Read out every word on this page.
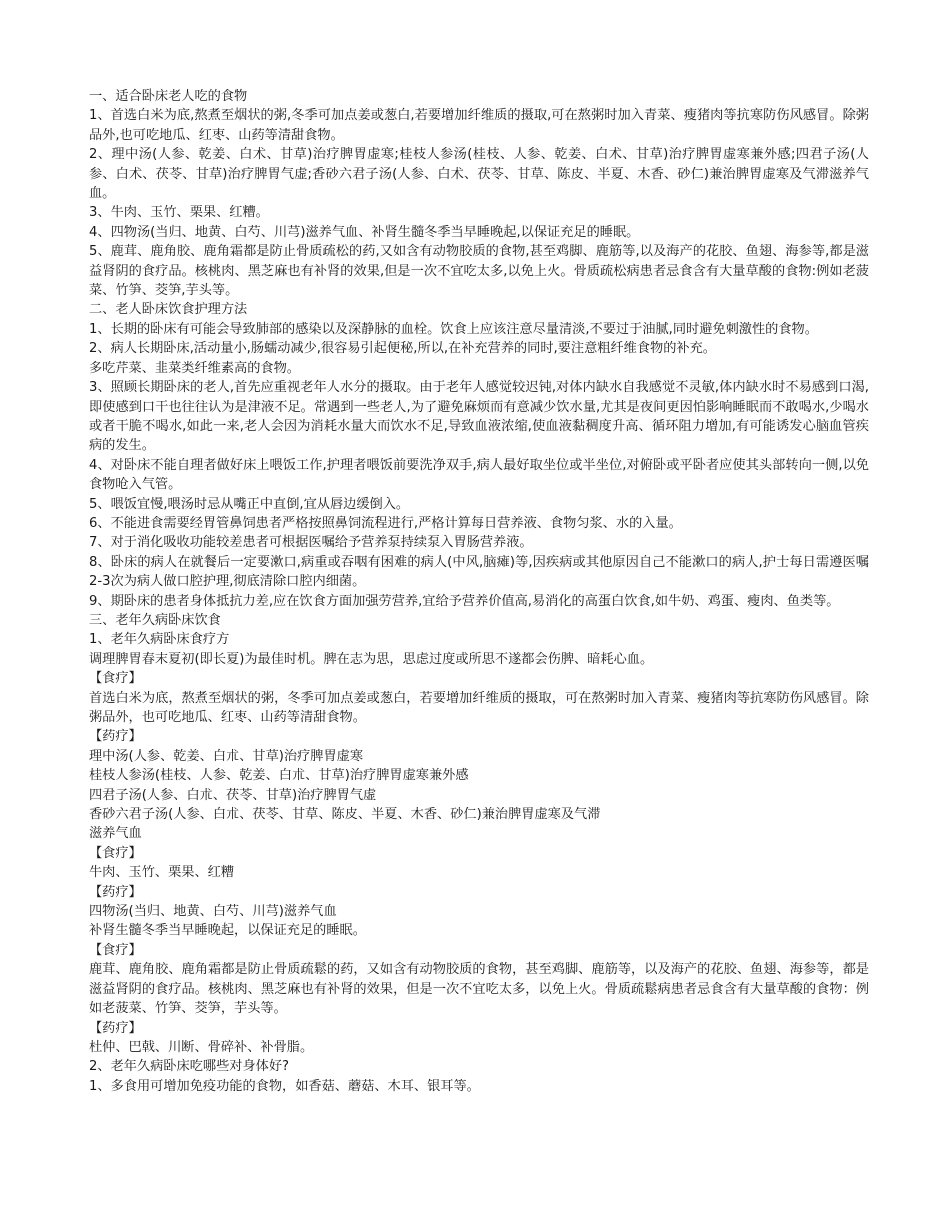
一、适合卧床老人吃的食物

1、首选白米为底,熬煮至烟状的粥,冬季可加点姜或葱白,若要增加纤维质的摄取,可在熬粥时加入青菜、瘦猪肉等抗寒防伤风感冒。除粥品外,也可吃地瓜、红枣、山药等清甜食物。

2、理中汤(人参、乾姜、白术、甘草)治疗脾胃虚寒;桂枝人参汤(桂枝、人参、乾姜、白术、甘草)治疗脾胃虚寒兼外感;四君子汤(人参、白术、茯苓、甘草)治疗脾胃气虚;香砂六君子汤(人参、白术、茯苓、甘草、陈皮、半夏、木香、砂仁)兼治脾胃虚寒及气滞滋养气血。

3、牛肉、玉竹、栗果、红糟。

4、四物汤(当归、地黄、白芍、川芎)滋养气血、补肾生髓冬季当早睡晚起,以保证充足的睡眠。

5、鹿茸、鹿角胶、鹿角霜都是防止骨质疏松的药,又如含有动物胶质的食物,甚至鸡脚、鹿筋等,以及海产的花胶、鱼翅、海参等,都是滋益肾阴的食疗品。核桃肉、黑芝麻也有补肾的效果,但是一次不宜吃太多,以免上火。骨质疏松病患者忌食含有大量草酸的食物:例如老菠菜、竹笋、茭笋,芋头等。

二、老人卧床饮食护理方法

1、长期的卧床有可能会导致肺部的感染以及深静脉的血栓。饮食上应该注意尽量清淡,不要过于油腻,同时避免刺激性的食物。

2、病人长期卧床,活动量小,肠蠕动减少,很容易引起便秘,所以,在补充营养的同时,要注意粗纤维食物的补充。

多吃芹菜、韭菜类纤维素高的食物。

3、照顾长期卧床的老人,首先应重视老年人水分的摄取。由于老年人感觉较迟钝,对体内缺水自我感觉不灵敏,体内缺水时不易感到口渴,即使感到口干也往往认为是津液不足。常遇到一些老人,为了避免麻烦而有意减少饮水量,尤其是夜间更因怕影响睡眠而不敢喝水,少喝水或者干脆不喝水,如此一来,老人会因为消耗水量大而饮水不足,导致血液浓缩,使血液黏稠度升高、循环阻力增加,有可能诱发心脑血管疾病的发生。

4、对卧床不能自理者做好床上喂饭工作,护理者喂饭前要洗净双手,病人最好取坐位或半坐位,对俯卧或平卧者应使其头部转向一侧,以免食物呛入气管。

5、喂饭宜慢,喂汤时忌从嘴正中直倒,宜从唇边缓倒入。

6、不能进食需要经胃管鼻饲患者严格按照鼻饲流程进行,严格计算每日营养液、食物匀浆、水的入量。

7、对于消化吸收功能较差患者可根据医嘱给予营养泵持续泵入胃肠营养液。

8、卧床的病人在就餐后一定要漱口,病重或吞咽有困难的病人(中风,脑瘫)等,因疾病或其他原因自己不能漱口的病人,护士每日需遵医嘱2-3次为病人做口腔护理,彻底清除口腔内细菌。

9、期卧床的患者身体抵抗力差,应在饮食方面加强劳营养,宜给予营养价值高,易消化的高蛋白饮食,如牛奶、鸡蛋、瘦肉、鱼类等。

三、老年久病卧床饮食

1、老年久病卧床食疗方

调理脾胃春末夏初(即长夏)为最佳时机。脾在志为思，思虑过度或所思不遂都会伤脾、暗耗心血。

【食疗】

首选白米为底，熬煮至烟状的粥，冬季可加点姜或葱白，若要增加纤维质的摄取，可在熬粥时加入青菜、瘦猪肉等抗寒防伤风感冒。除粥品外，也可吃地瓜、红枣、山药等清甜食物。

【药疗】

理中汤(人参、乾姜、白朮、甘草)治疗脾胃虚寒

桂枝人参汤(桂枝、人参、乾姜、白朮、甘草)治疗脾胃虚寒兼外感

四君子汤(人参、白朮、茯苓、甘草)治疗脾胃气虚

香砂六君子汤(人参、白朮、茯苓、甘草、陈皮、半夏、木香、砂仁)兼治脾胃虚寒及气滞

滋养气血

【食疗】

牛肉、玉竹、栗果、红糟

【药疗】

四物汤(当归、地黄、白芍、川芎)滋养气血

补肾生髓冬季当早睡晚起，以保证充足的睡眠。

【食疗】

鹿茸、鹿角胶、鹿角霜都是防止骨质疏鬆的药，又如含有动物胶质的食物，甚至鸡脚、鹿筋等，以及海产的花胶、鱼翅、海参等，都是滋益肾阴的食疗品。核桃肉、黑芝麻也有补肾的效果，但是一次不宜吃太多，以免上火。骨质疏鬆病患者忌食含有大量草酸的食物：例如老菠菜、竹笋、茭笋，芋头等。

【药疗】

杜仲、巴戟、川断、骨碎补、补骨脂。

2、老年久病卧床吃哪些对身体好?

1、多食用可增加免疫功能的食物，如香菇、蘑菇、木耳、银耳等。
